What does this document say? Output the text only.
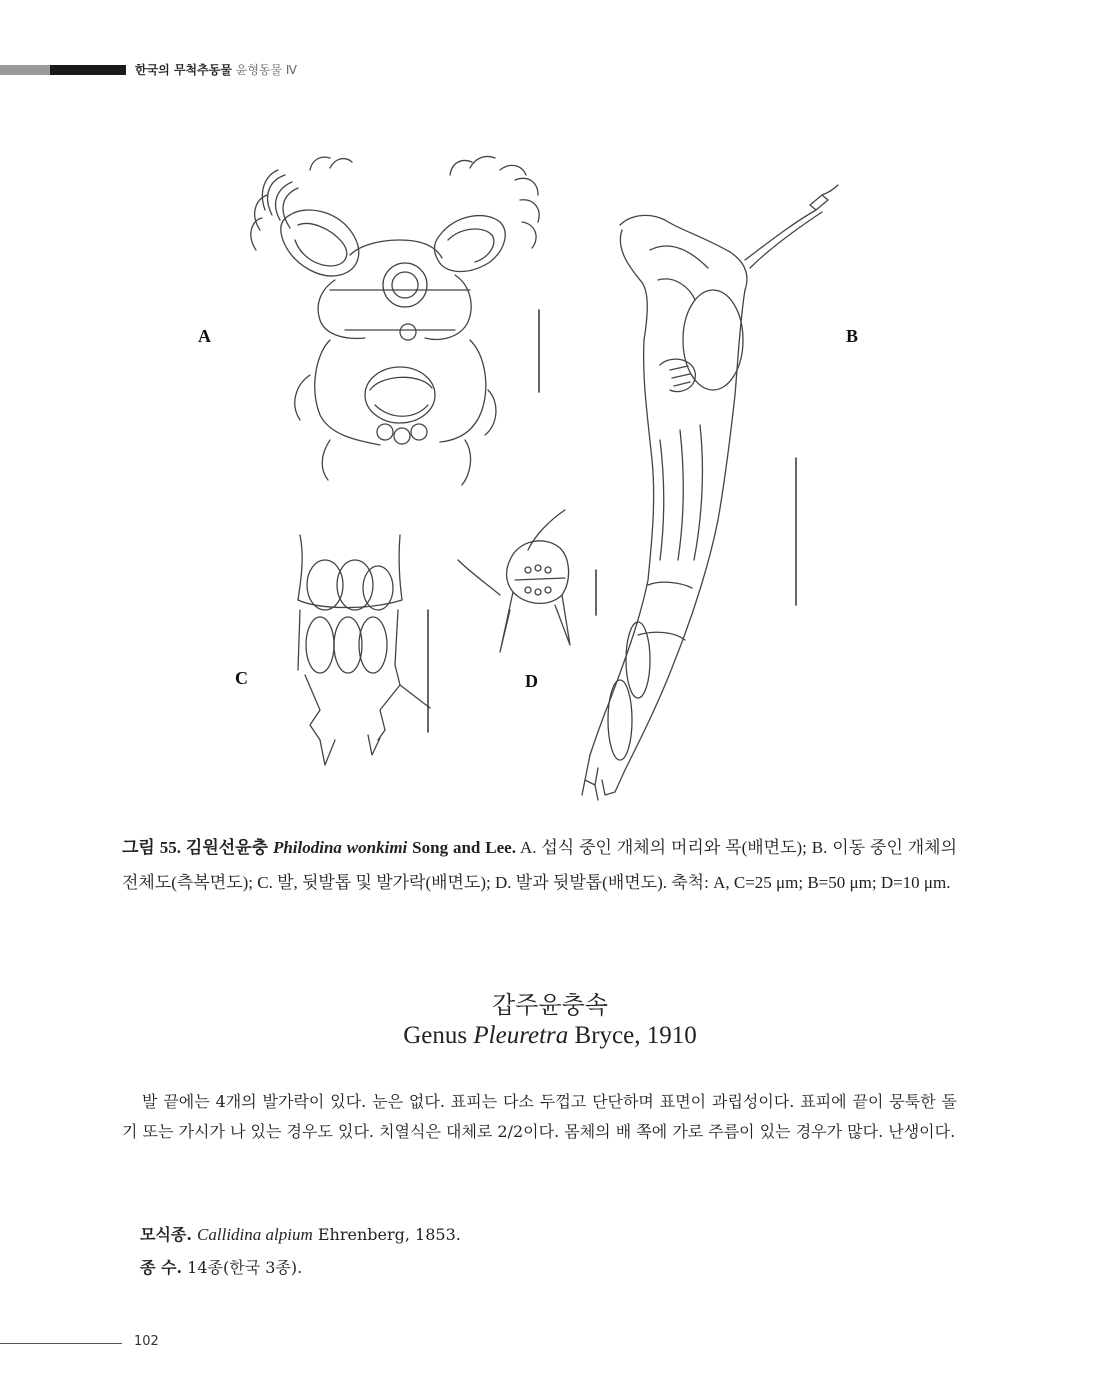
한국의 무척추동물 윤형동물 Ⅳ
A	B
C	D
그림 55. 김원선윤충 Philodina wonkimi Song and Lee. A. 섭식 중인 개체의 머리와 목(배면도); B. 이동 중인 개체의 전체도(측복면도); C. 발, 뒷발톱 및 발가락(배면도); D. 발과 뒷발톱(배면도). 축척: A, C=25 μm; B=50 μm; D=10 μm.
갑주윤충속
Genus Pleuretra Bryce, 1910
발 끝에는 4개의 발가락이 있다. 눈은 없다. 표피는 다소 두껍고 단단하며 표면이 과립성이다. 표피에 끝이 뭉툭한 돌기 또는 가시가 나 있는 경우도 있다. 치열식은 대체로 2/2이다. 몸체의 배 쪽에 가로 주름이 있는 경우가 많다. 난생이다.
모식종. Callidina alpium Ehrenberg, 1853.
종 수. 14종(한국 3종).
102
